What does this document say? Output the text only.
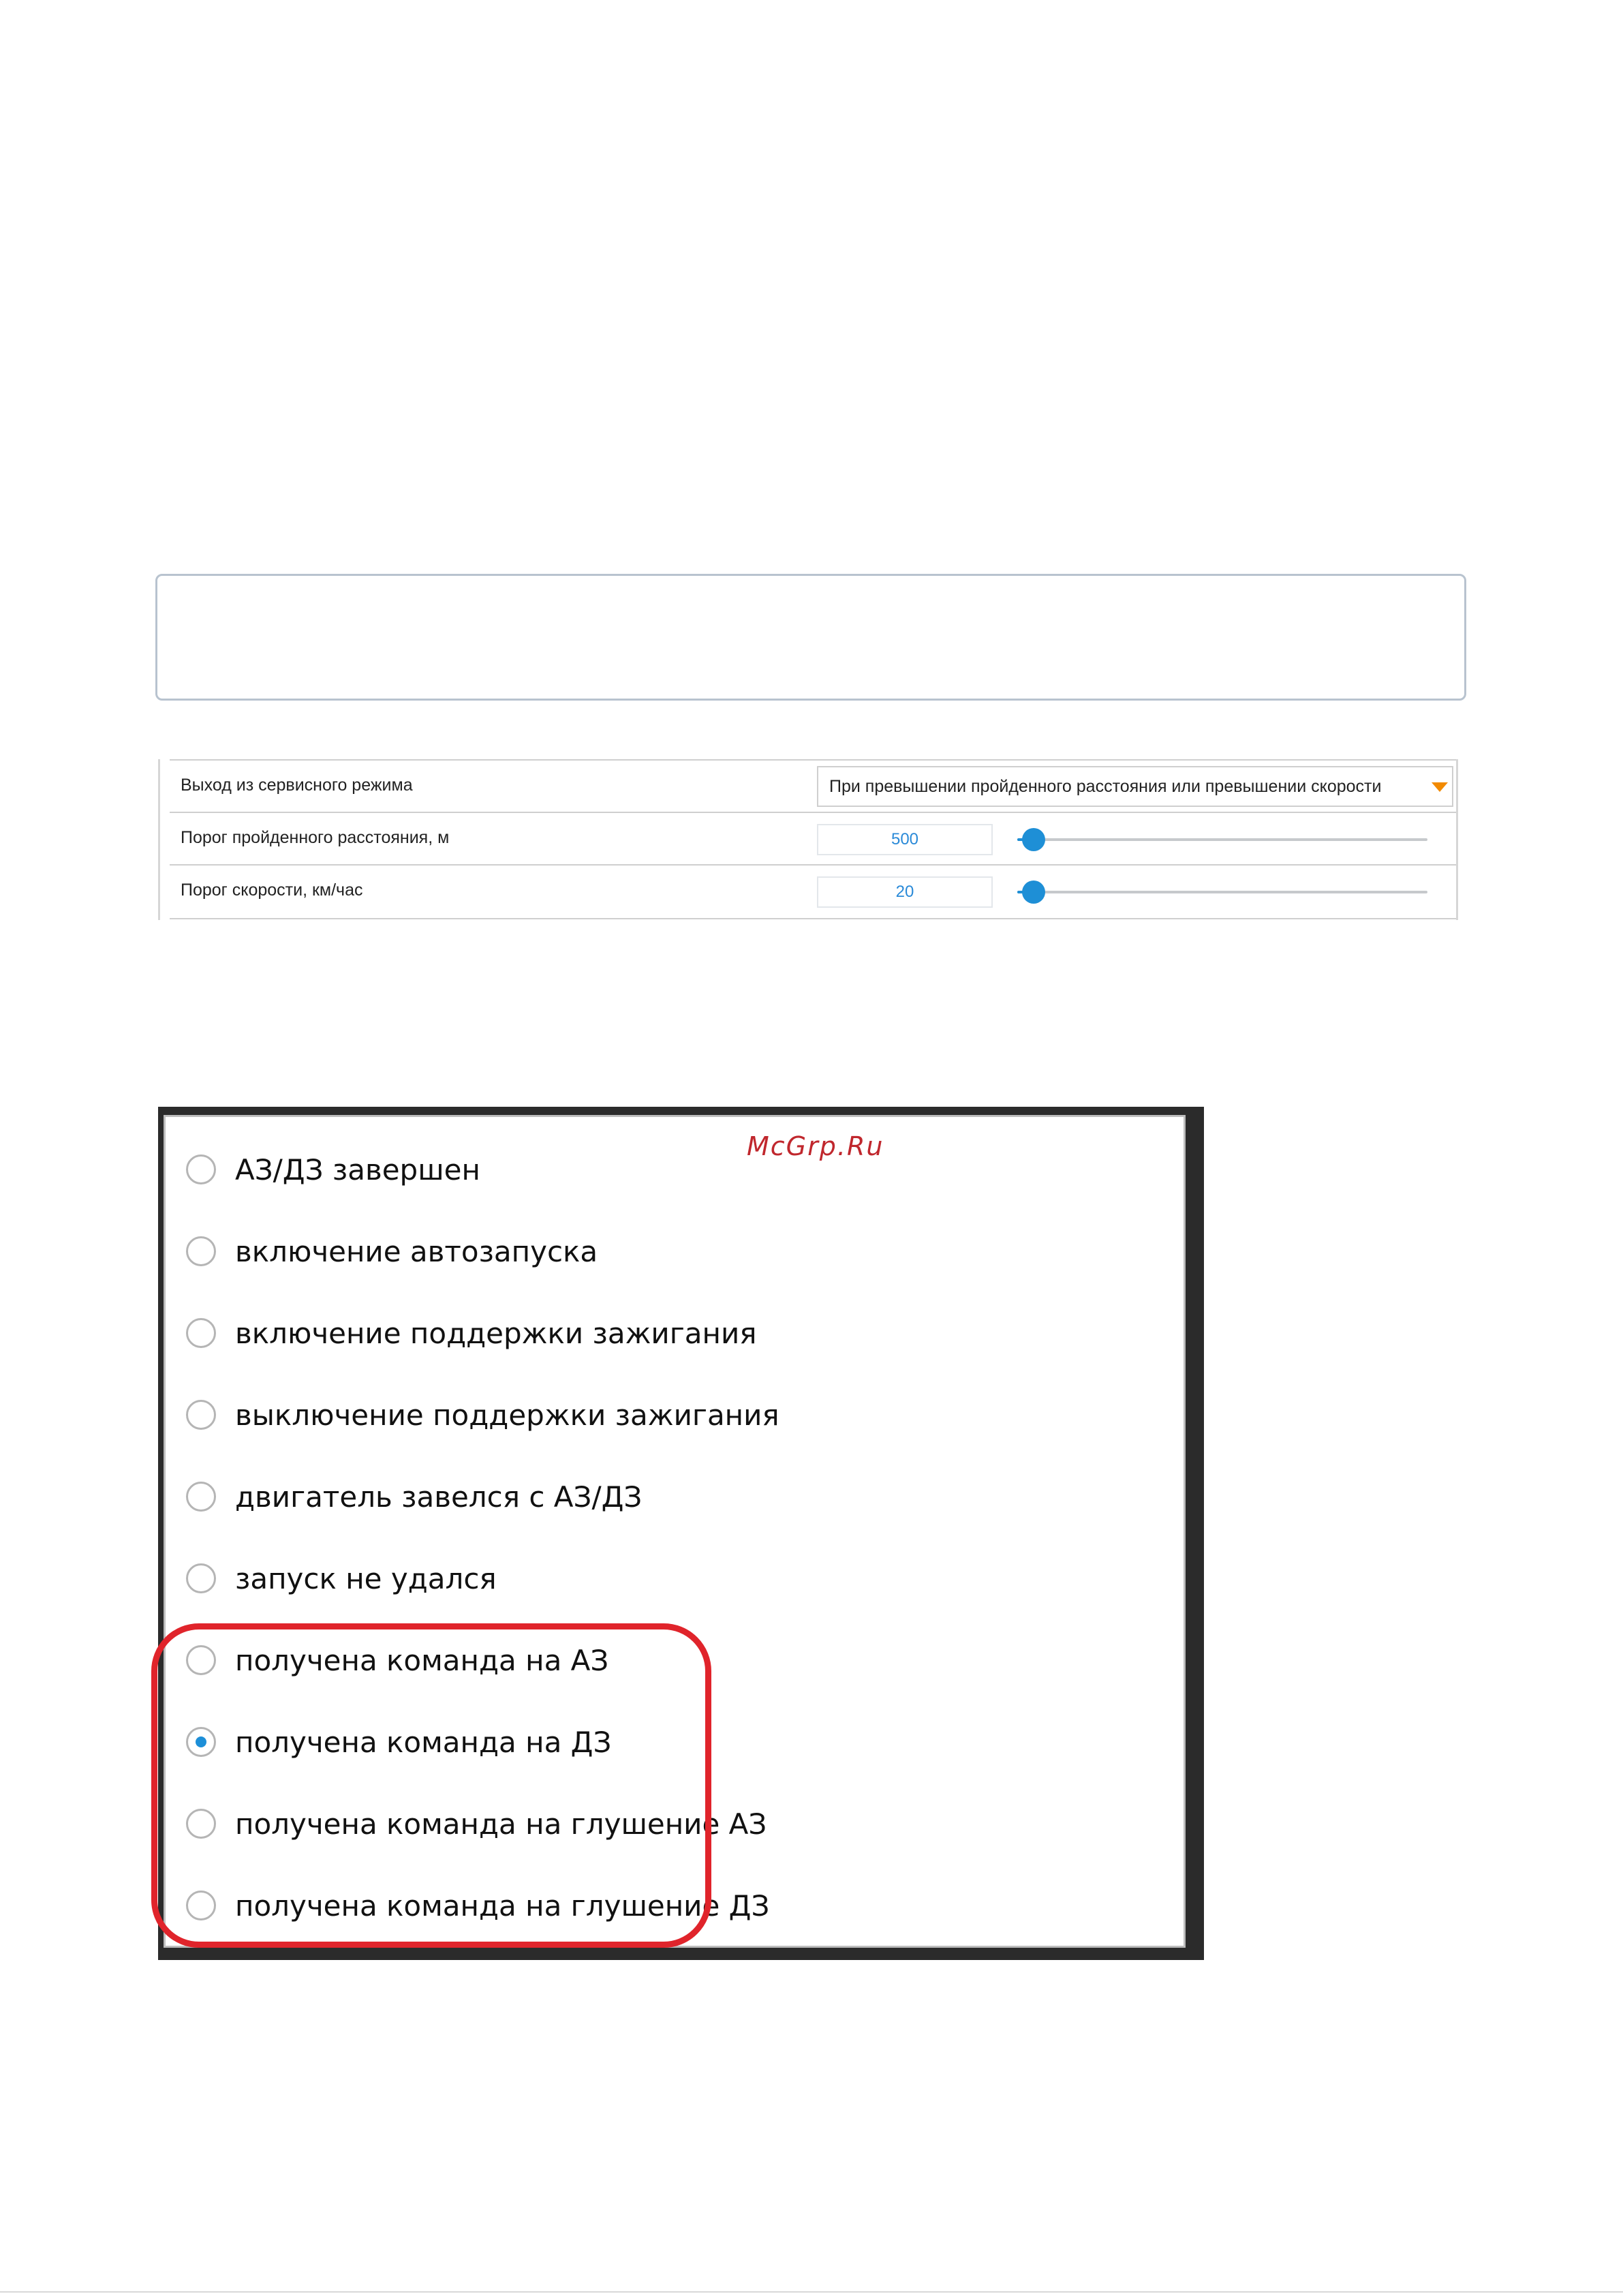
Выход из сервисного режима	При превышении пройденного расстояния или превышении скорости
Порог пройденного расстояния, м	500
Порог скорости, км/час	20
АЗ/ДЗ завершен
включение автозапуска
включение поддержки зажигания
выключение поддержки зажигания
двигатель завелся с АЗ/ДЗ
запуск не удался
получена команда на АЗ
получена команда на ДЗ
получена команда на глушение АЗ
получена команда на глушение ДЗ
McGrp.Ru
